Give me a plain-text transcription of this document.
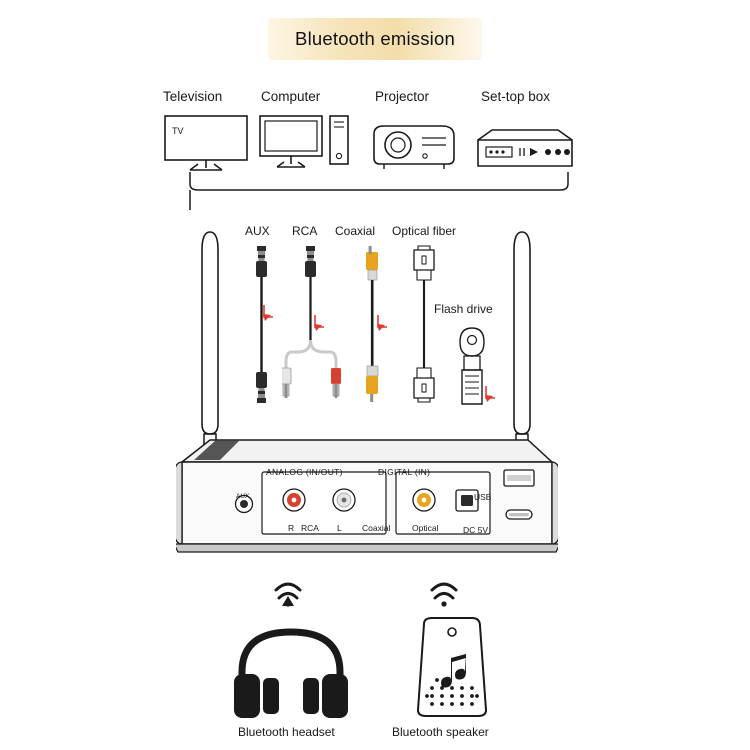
Bluetooth emission
Television	Computer	Projector	Set-top box
TV
AUX RCA Coaxial Optical fiber
Flash drive
ANALOG (IN/OUT)	DIGITAL (IN)
AUX
R RCA L Coaxial	Optical
USB
DC 5V
Bluetooth headset	Bluetooth speaker
